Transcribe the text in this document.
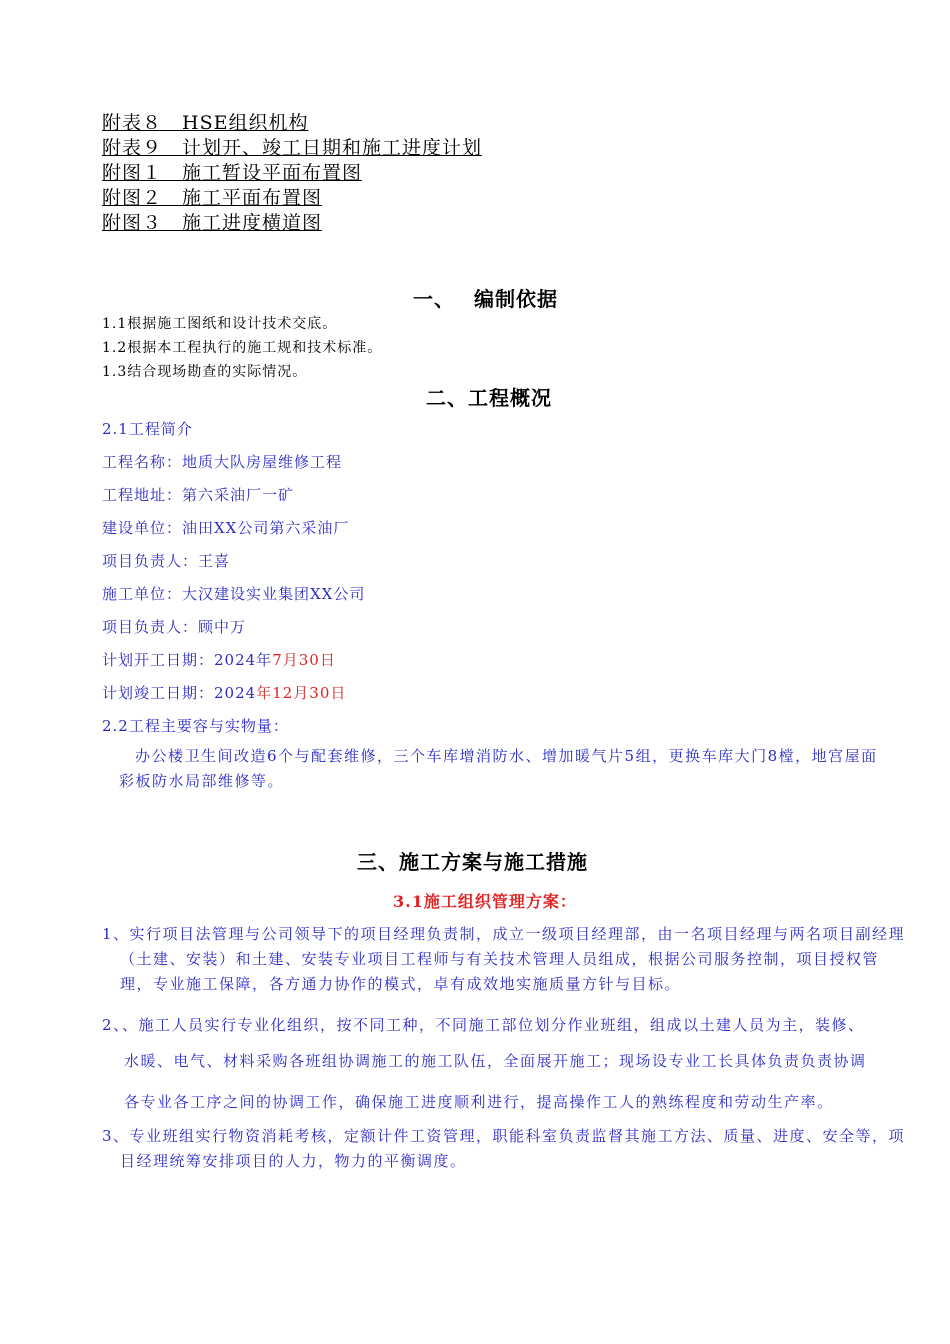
附表８　HSE组织机构
附表９　计划开、竣工日期和施工进度计划
附图１　施工暂设平面布置图
附图２　施工平面布置图
附图３　施工进度横道图
一、　 编制依据
1.1根据施工图纸和设计技术交底。
1.2根据本工程执行的施工规和技术标准。
1.3结合现场勘查的实际情况。
二、工程概况
2.1工程简介
工程名称：地质大队房屋维修工程
工程地址：第六采油厂一矿
建设单位：油田XX公司第六采油厂
项目负责人：王喜
施工单位：大汉建设实业集团XX公司
项目负责人：顾中万
计划开工日期：2024年7月30日
计划竣工日期：2024年12月30日
2.2工程主要容与实物量：
办公楼卫生间改造6个与配套维修，三个车库增消防水、增加暖气片5组，更换车库大门8樘，地宫屋面彩板防水局部维修等。
三、施工方案与施工措施
3.1施工组织管理方案：
1、实行项目法管理与公司领导下的项目经理负责制，成立一级项目经理部，由一名项目经理与两名项目副经理（土建、安装）和土建、安装专业项目工程师与有关技术管理人员组成，根据公司服务控制，项目授权管理，专业施工保障，各方通力协作的模式，卓有成效地实施质量方针与目标。
2、、施工人员实行专业化组织，按不同工种，不同施工部位划分作业班组，组成以土建人员为主，装修、
水暖、电气、材料采购各班组协调施工的施工队伍，全面展开施工；现场设专业工长具体负责负责协调
各专业各工序之间的协调工作，确保施工进度顺利进行，提高操作工人的熟练程度和劳动生产率。
3、专业班组实行物资消耗考核，定额计件工资管理，职能科室负责监督其施工方法、质量、进度、安全等，项目经理统筹安排项目的人力，物力的平衡调度。
